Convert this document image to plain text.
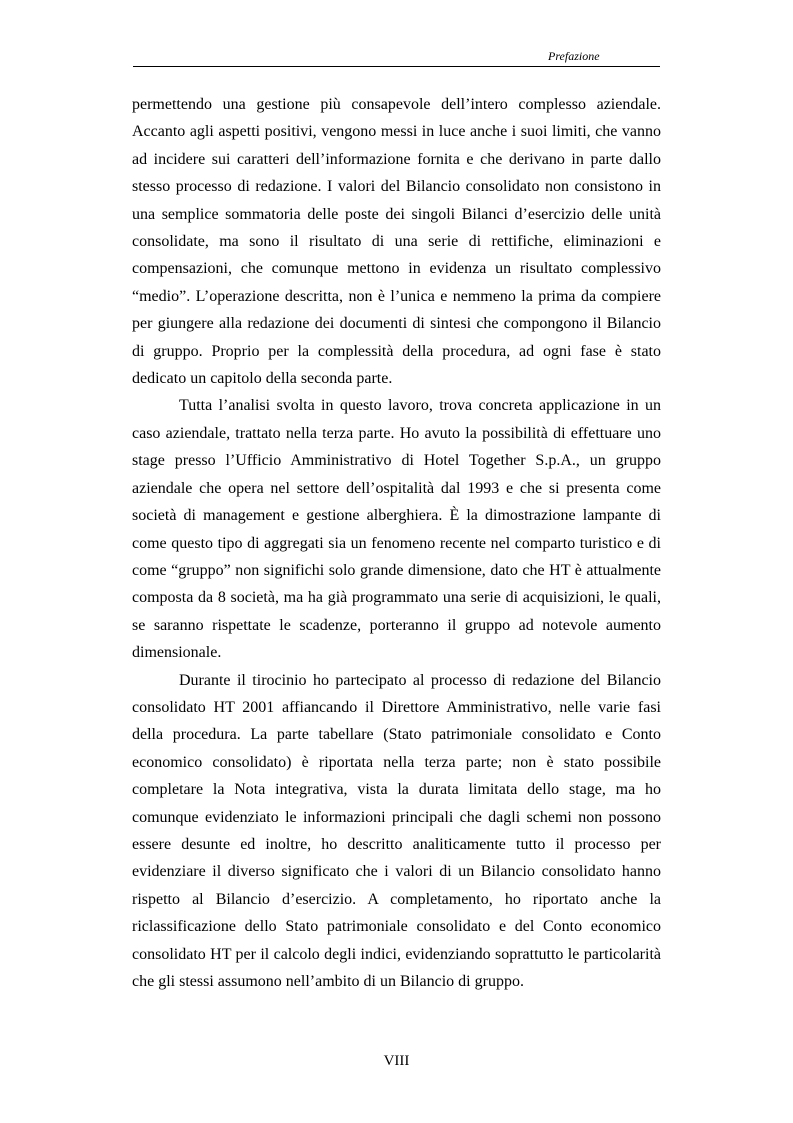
Prefazione

permettendo una gestione più consapevole dell’intero complesso aziendale. Accanto agli aspetti positivi, vengono messi in luce anche i suoi limiti, che vanno ad incidere sui caratteri dell’informazione fornita e che derivano in parte dallo stesso processo di redazione. I valori del Bilancio consolidato non consistono in una semplice sommatoria delle poste dei singoli Bilanci d’esercizio delle unità consolidate, ma sono il risultato di una serie di rettifiche, eliminazioni e compensazioni, che comunque mettono in evidenza un risultato complessivo “medio”. L’operazione descritta, non è l’unica e nemmeno la prima da compiere per giungere alla redazione dei documenti di sintesi che compongono il Bilancio di gruppo. Proprio per la complessità della procedura, ad ogni fase è stato dedicato un capitolo della seconda parte.

Tutta l’analisi svolta in questo lavoro, trova concreta applicazione in un caso aziendale, trattato nella terza parte. Ho avuto la possibilità di effettuare uno stage presso l’Ufficio Amministrativo di Hotel Together S.p.A., un gruppo aziendale che opera nel settore dell’ospitalità dal 1993 e che si presenta come società di management e gestione alberghiera. È la dimostrazione lampante di come questo tipo di aggregati sia un fenomeno recente nel comparto turistico e di come “gruppo” non significhi solo grande dimensione, dato che HT è attualmente composta da 8 società, ma ha già programmato una serie di acquisizioni, le quali, se saranno rispettate le scadenze, porteranno il gruppo ad notevole aumento dimensionale.

Durante il tirocinio ho partecipato al processo di redazione del Bilancio consolidato HT 2001 affiancando il Direttore Amministrativo, nelle varie fasi della procedura. La parte tabellare (Stato patrimoniale consolidato e Conto economico consolidato) è riportata nella terza parte; non è stato possibile completare la Nota integrativa, vista la durata limitata dello stage, ma ho comunque evidenziato le informazioni principali che dagli schemi non possono essere desunte ed inoltre, ho descritto analiticamente tutto il processo per evidenziare il diverso significato che i valori di un Bilancio consolidato hanno rispetto al Bilancio d’esercizio. A completamento, ho riportato anche la riclassificazione dello Stato patrimoniale consolidato e del Conto economico consolidato HT per il calcolo degli indici, evidenziando soprattutto le particolarità che gli stessi assumono nell’ambito di un Bilancio di gruppo.

VIII
